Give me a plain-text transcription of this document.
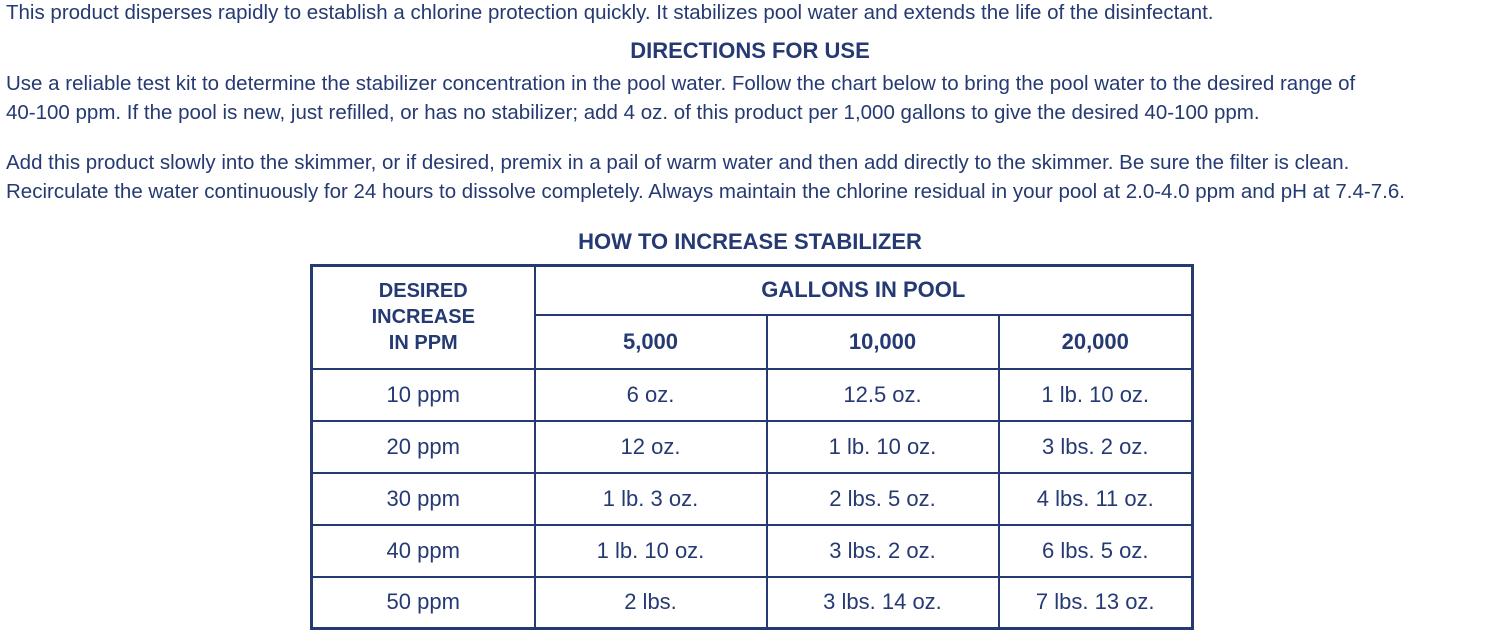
This product disperses rapidly to establish a chlorine protection quickly. It stabilizes pool water and extends the life of the disinfectant.
DIRECTIONS FOR USE
Use a reliable test kit to determine the stabilizer concentration in the pool water. Follow the chart below to bring the pool water to the desired range of
40-100 ppm. If the pool is new, just refilled, or has no stabilizer; add 4 oz. of this product per 1,000 gallons to give the desired 40-100 ppm.
Add this product slowly into the skimmer, or if desired, premix in a pail of warm water and then add directly to the skimmer. Be sure the filter is clean.
Recirculate the water continuously for 24 hours to dissolve completely. Always maintain the chlorine residual in your pool at 2.0-4.0 ppm and pH at 7.4-7.6.
HOW TO INCREASE STABILIZER
DESIRED
INCREASE
IN PPM	GALLONS IN POOL		
	5,000	10,000	20,000
10 ppm	6 oz.	12.5 oz.	1 lb. 10 oz.
20 ppm	12 oz.	1 lb. 10 oz.	3 lbs. 2 oz.
30 ppm	1 lb. 3 oz.	2 lbs. 5 oz.	4 lbs. 11 oz.
40 ppm	1 lb. 10 oz.	3 lbs. 2 oz.	6 lbs. 5 oz.
50 ppm	2 lbs.	3 lbs. 14 oz.	7 lbs. 13 oz.
